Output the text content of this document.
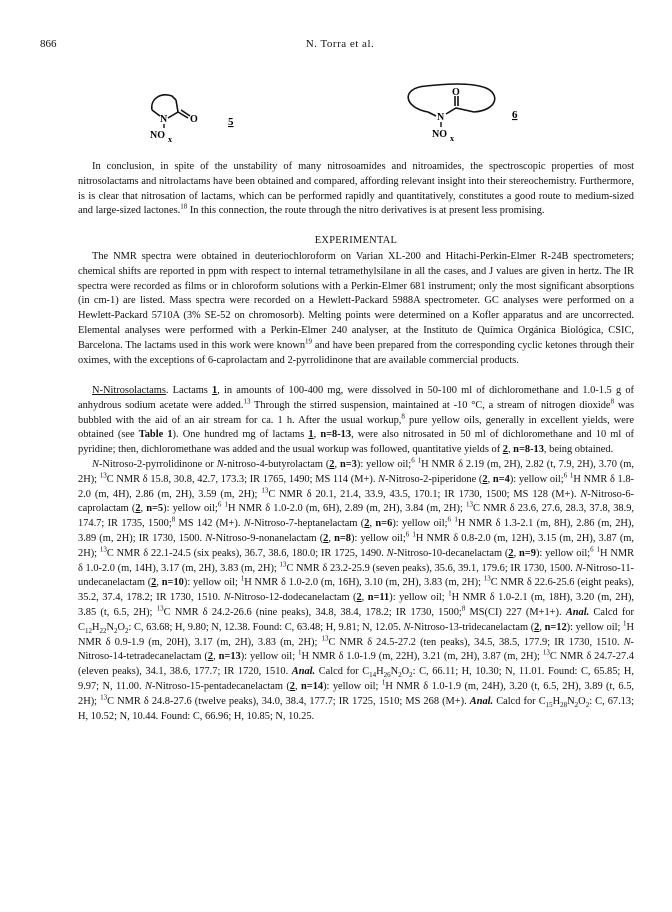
866	N. Torra et al.
N O
NO x
5
O
N
NO x
6

In conclusion, in spite of the unstability of many nitrosoamides and nitroamides, the spectroscopic properties of most nitrosolactams and nitrolactams have been obtained and compared, affording relevant insight into their stereochemistry. Furthermore, is is clear that nitrosation of lactams, which can be performed rapidly and quantitatively, constitutes a good route to medium-sized and large-sized lactones.$^{18}$ In this connection, the route through the nitro derivatives is at present less promising.

EXPERIMENTAL

The NMR spectra were obtained in deuteriochloroform on Varian XL-200 and Hitachi-Perkin-Elmer R-24B spectrometers; chemical shifts are reported in ppm with respect to internal tetramethylsilane in all the cases, and J values are given in hertz. The IR spectra were recorded as films or in chloroform solutions with a Perkin-Elmer 681 instrument; only the most significant absorptions (in cm-1) are listed. Mass spectra were recorded on a Hewlett-Packard 5988A spectrometer. GC analyses were performed on a Hewlett-Packard 5710A (3% SE-52 on chromosorb). Melting points were determined on a Kofler apparatus and are uncorrected. Elemental analyses were performed with a Perkin-Elmer 240 analyser, at the Instituto de Química Orgánica Biológica, CSIC, Barcelona. The lactams used in this work were known$^{19}$ and have been prepared from the corresponding cyclic ketones through their oximes, with the exceptions of 6-caprolactam and 2-pyrrolidinone that are available commercial products.

N-Nitrosolactams. Lactams 1, in amounts of 100-400 mg, were dissolved in 50-100 ml of dichloromethane and 1.0-1.5 g of anhydrous sodium acetate were added.$^{13}$ Through the stirred suspension, maintained at -10 °C, a stream of nitrogen dioxide$^8$ was bubbled with the aid of an air stream for ca. 1 h. After the usual workup,$^8$ pure yellow oils, generally in excellent yields, were obtained (see Table 1). One hundred mg of lactams 1, n=8-13, were also nitrosated in 50 ml of dichloromethane and 10 ml of pyridine; then, dichloromethane was added and the usual workup was followed, quantitative yields of 2, n=8-13, being obtained.

N-Nitroso-2-pyrrolidinone or N-nitroso-4-butyrolactam (2, n=3): yellow oil;$^6$ $^1$H NMR δ 2.19 (m, 2H), 2.82 (t, 7.9, 2H), 3.70 (m, 2H); $^{13}$C NMR δ 15.8, 30.8, 42.7, 173.3; IR 1765, 1490; MS 114 (M+). N-Nitroso-2-piperidone (2, n=4): yellow oil;$^6$ $^1$H NMR δ 1.8-2.0 (m, 4H), 2.86 (m, 2H), 3.59 (m, 2H); $^{13}$C NMR δ 20.1, 21.4, 33.9, 43.5, 170.1; IR 1730, 1500; MS 128 (M+). N-Nitroso-6-caprolactam (2, n=5): yellow oil;$^6$ $^1$H NMR δ 1.0-2.0 (m, 6H), 2.89 (m, 2H), 3.84 (m, 2H); $^{13}$C NMR δ 23.6, 27.6, 28.3, 37.8, 38.9, 174.7; IR 1735, 1500;$^8$ MS 142 (M+). N-Nitroso-7-heptanelactam (2, n=6): yellow oil;$^6$ $^1$H NMR δ 1.3-2.1 (m, 8H), 2.86 (m, 2H), 3.89 (m, 2H); IR 1730, 1500. N-Nitroso-9-nonanelactam (2, n=8): yellow oil;$^6$ $^1$H NMR δ 0.8-2.0 (m, 12H), 3.15 (m, 2H), 3.87 (m, 2H); $^{13}$C NMR δ 22.1-24.5 (six peaks), 36.7, 38.6, 180.0; IR 1725, 1490. N-Nitroso-10-decanelactam (2, n=9): yellow oil;$^6$ $^1$H NMR δ 1.0-2.0 (m, 14H), 3.17 (m, 2H), 3.83 (m, 2H); $^{13}$C NMR δ 23.2-25.9 (seven peaks), 35.6, 39.1, 179.6; IR 1730, 1500. N-Nitroso-11-undecanelactam (2, n=10): yellow oil; $^1$H NMR δ 1.0-2.0 (m, 16H), 3.10 (m, 2H), 3.83 (m, 2H); $^{13}$C NMR δ 22.6-25.6 (eight peaks), 35.2, 37.4, 178.2; IR 1730, 1510. N-Nitroso-12-dodecanelactam (2, n=11): yellow oil; $^1$H NMR δ 1.0-2.1 (m, 18H), 3.20 (m, 2H), 3.85 (t, 6.5, 2H); $^{13}$C NMR δ 24.2-26.6 (nine peaks), 34.8, 38.4, 178.2; IR 1730, 1500;$^8$ MS(CI) 227 (M+1+). Anal. Calcd for $C_{12}H_{22}N_2O_2$: C, 63.68; H, 9.80; N, 12.38. Found: C, 63.48; H, 9.81; N, 12.05. N-Nitroso-13-tridecanelactam (2, n=12): yellow oil; $^1$H NMR δ 0.9-1.9 (m, 20H), 3.17 (m, 2H), 3.83 (m, 2H); $^{13}$C NMR δ 24.5-27.2 (ten peaks), 34.5, 38.5, 177.9; IR 1730, 1510. N-Nitroso-14-tetradecanelactam (2, n=13): yellow oil; $^1$H NMR δ 1.0-1.9 (m, 22H), 3.21 (m, 2H), 3.87 (m, 2H); $^{13}$C NMR δ 24.7-27.4 (eleven peaks), 34.1, 38.6, 177.7; IR 1720, 1510. Anal. Calcd for $C_{14}H_{26}N_2O_2$: C, 66.11; H, 10.30; N, 11.01. Found: C, 65.85; H, 9.97; N, 11.00. N-Nitroso-15-pentadecanelactam (2, n=14): yellow oil; $^1$H NMR δ 1.0-1.9 (m, 24H), 3.20 (t, 6.5, 2H), 3.89 (t, 6.5, 2H); $^{13}$C NMR δ 24.8-27.6 (twelve peaks), 34.0, 38.4, 177.7; IR 1725, 1510; MS 268 (M+). Anal. Calcd for $C_{15}H_{28}N_2O_2$: C, 67.13; H, 10.52; N, 10.44. Found: C, 66.96; H, 10.85; N, 10.25.
